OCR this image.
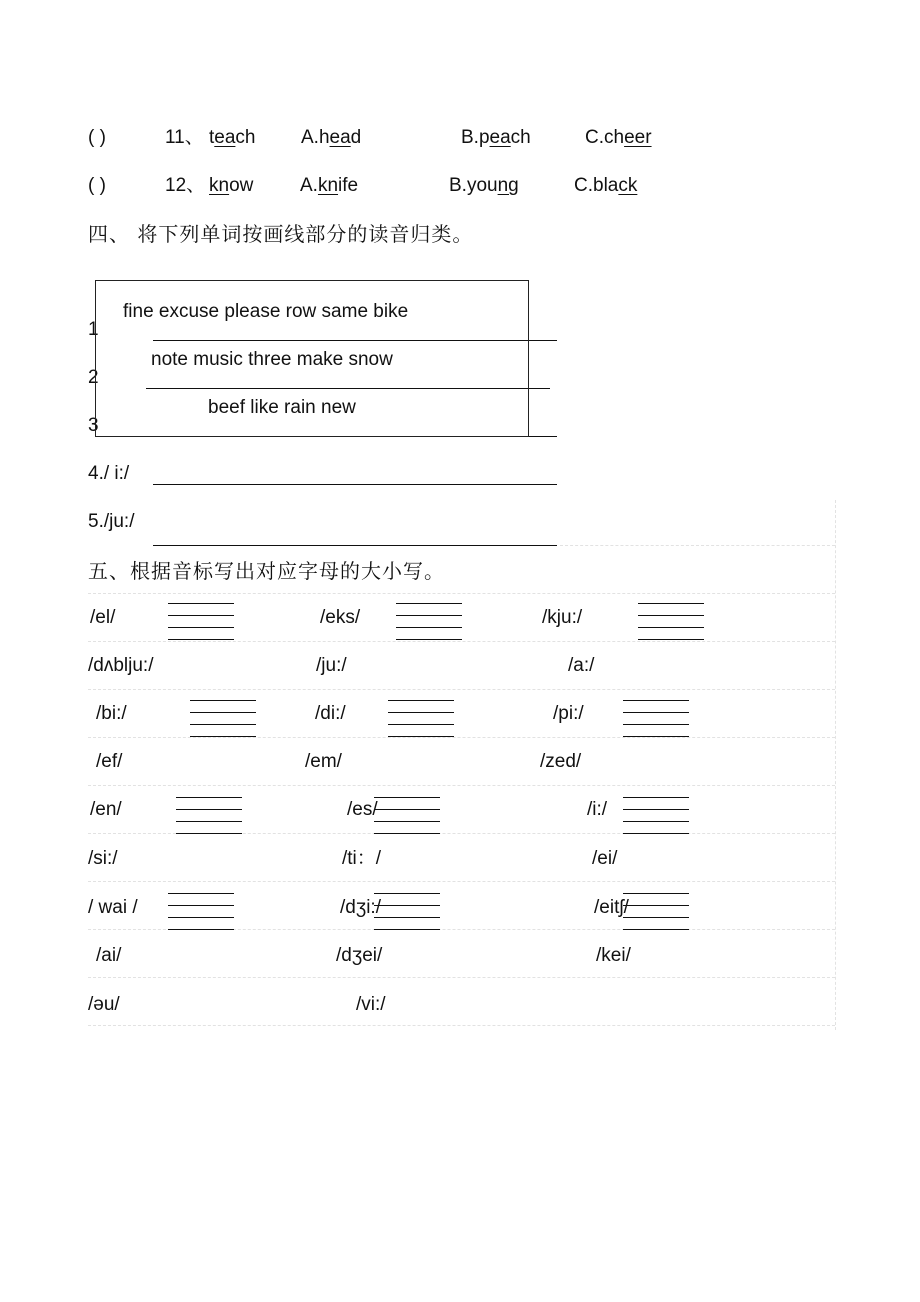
( )	11、 teach A.head	B.peach	C.cheer
( )	12、 know A.knife	B.young	C.black
四、 将下列单词按画线部分的读音归类。
1
2
3
4./ i:/
5./ju:/
fine excuse please row same bike
note music three make snow
beef like rain new
五、根据音标写出对应字母的大小写。
/el/	/eks/	/kju:/
/dʌblju:/	/ju:/	/a:/
/bi:/	/di:/	/pi:/
/ef/	/em/	/zed/
/en/	/es/	/i:/
/si:/	/ti：/	/ei/
/ wai /	/dʒi:/	/eitʃ/
/ai/	/dʒei/	/kei/
/əu/	/vi:/
